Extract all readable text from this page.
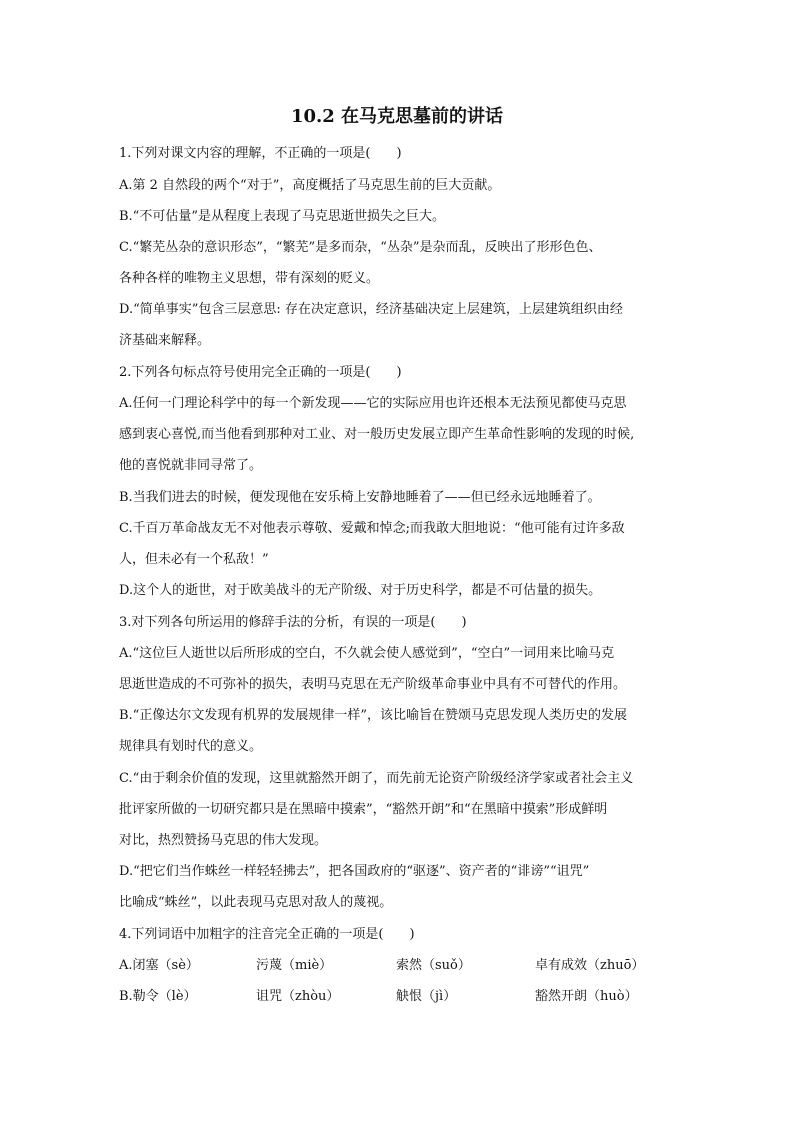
10.2 在马克思墓前的讲话
1.下列对课文内容的理解，不正确的一项是(　　)
A.第 2 自然段的两个“对于”，高度概括了马克思生前的巨大贡献。
B.“不可估量”是从程度上表现了马克思逝世损失之巨大。
C.“繁芜丛杂的意识形态”，“繁芜”是多而杂，“丛杂”是杂而乱，反映出了形形色色、
各种各样的唯物主义思想，带有深刻的贬义。
D.“简单事实”包含三层意思: 存在决定意识，经济基础决定上层建筑，上层建筑组织由经
济基础来解释。
2.下列各句标点符号使用完全正确的一项是(　　)
A.任何一门理论科学中的每一个新发现——它的实际应用也许还根本无法预见都使马克思
感到衷心喜悦,而当他看到那种对工业、对一般历史发展立即产生革命性影响的发现的时候,
他的喜悦就非同寻常了。
B.当我们进去的时候，便发现他在安乐椅上安静地睡着了——但已经永远地睡着了。
C.千百万革命战友无不对他表示尊敬、爱戴和悼念;而我敢大胆地说：“他可能有过许多敌
人，但未必有一个私敌！”
D.这个人的逝世，对于欧美战斗的无产阶级、对于历史科学，都是不可估量的损失。
3.对下列各句所运用的修辞手法的分析，有误的一项是(　　)
A.“这位巨人逝世以后所形成的空白，不久就会使人感觉到”，“空白”一词用来比喻马克
思逝世造成的不可弥补的损失，表明马克思在无产阶级革命事业中具有不可替代的作用。
B.“正像达尔文发现有机界的发展规律一样”，该比喻旨在赞颂马克思发现人类历史的发展
规律具有划时代的意义。
C.“由于剩余价值的发现，这里就豁然开朗了，而先前无论资产阶级经济学家或者社会主义
批评家所做的一切研究都只是在黑暗中摸索”，“豁然开朗”和“在黑暗中摸索”形成鲜明
对比，热烈赞扬马克思的伟大发现。
D.“把它们当作蛛丝一样轻轻拂去”，把各国政府的“驱逐”、资产者的“诽谤”“诅咒”
比喻成“蛛丝”，以此表现马克思对敌人的蔑视。
4.下列词语中加粗字的注音完全正确的一项是(　　)
A.闭塞（sè）	污蔑（miè）	索然（suǒ）	卓有成效（zhuō）
B.勒令（lè）	诅咒（zhòu）	觖恨（jì）	豁然开朗（huò）
